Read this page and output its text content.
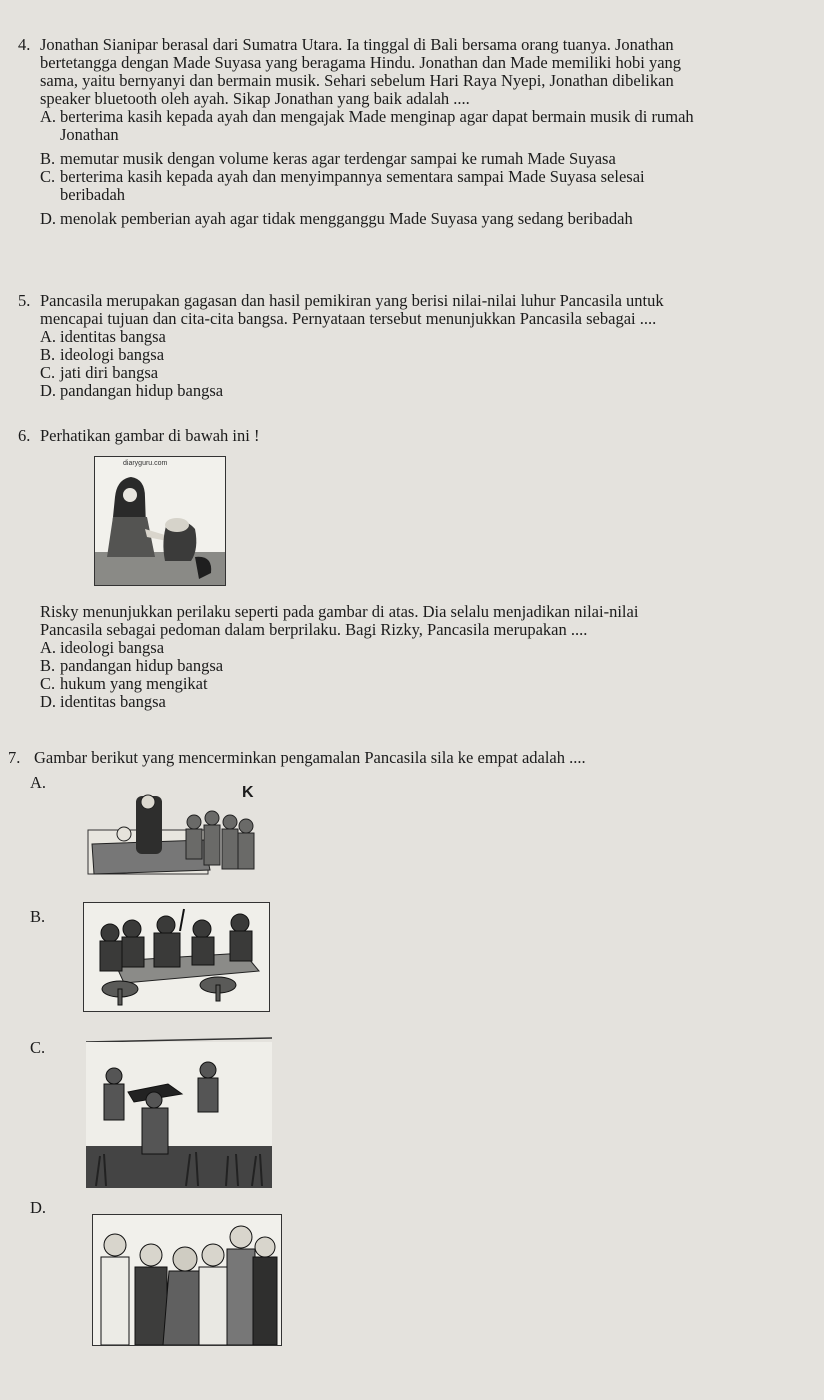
4. Jonathan Sianipar berasal dari Sumatra Utara. Ia tinggal di Bali bersama orang tuanya. Jonathan
bertetangga dengan Made Suyasa yang beragama Hindu. Jonathan dan Made memiliki hobi yang
sama, yaitu bernyanyi dan bermain musik. Sehari sebelum Hari Raya Nyepi, Jonathan dibelikan
speaker bluetooth oleh ayah. Sikap Jonathan yang baik adalah ....
A. berterima kasih kepada ayah dan mengajak Made menginap agar dapat bermain musik di rumah
Jonathan
B. memutar musik dengan volume keras agar terdengar sampai ke rumah Made Suyasa
C. berterima kasih kepada ayah dan menyimpannya sementara sampai Made Suyasa selesai
beribadah
D. menolak pemberian ayah agar tidak mengganggu Made Suyasa yang sedang beribadah
5. Pancasila merupakan gagasan dan hasil pemikiran yang berisi nilai-nilai luhur Pancasila untuk
mencapai tujuan dan cita-cita bangsa. Pernyataan tersebut menunjukkan Pancasila sebagai ....
A. identitas bangsa
B. ideologi bangsa
C. jati diri bangsa
D. pandangan hidup bangsa
6. Perhatikan gambar di bawah ini !
diaryguru.com
Risky menunjukkan perilaku seperti pada gambar di atas. Dia selalu menjadikan nilai-nilai
Pancasila sebagai pedoman dalam berprilaku. Bagi Rizky, Pancasila merupakan ....
A. ideologi bangsa
B. pandangan hidup bangsa
C. hukum yang mengikat
D. identitas bangsa
7. Gambar berikut yang mencerminkan pengamalan Pancasila sila ke empat adalah ....
A.
K
B.
C.
D.
